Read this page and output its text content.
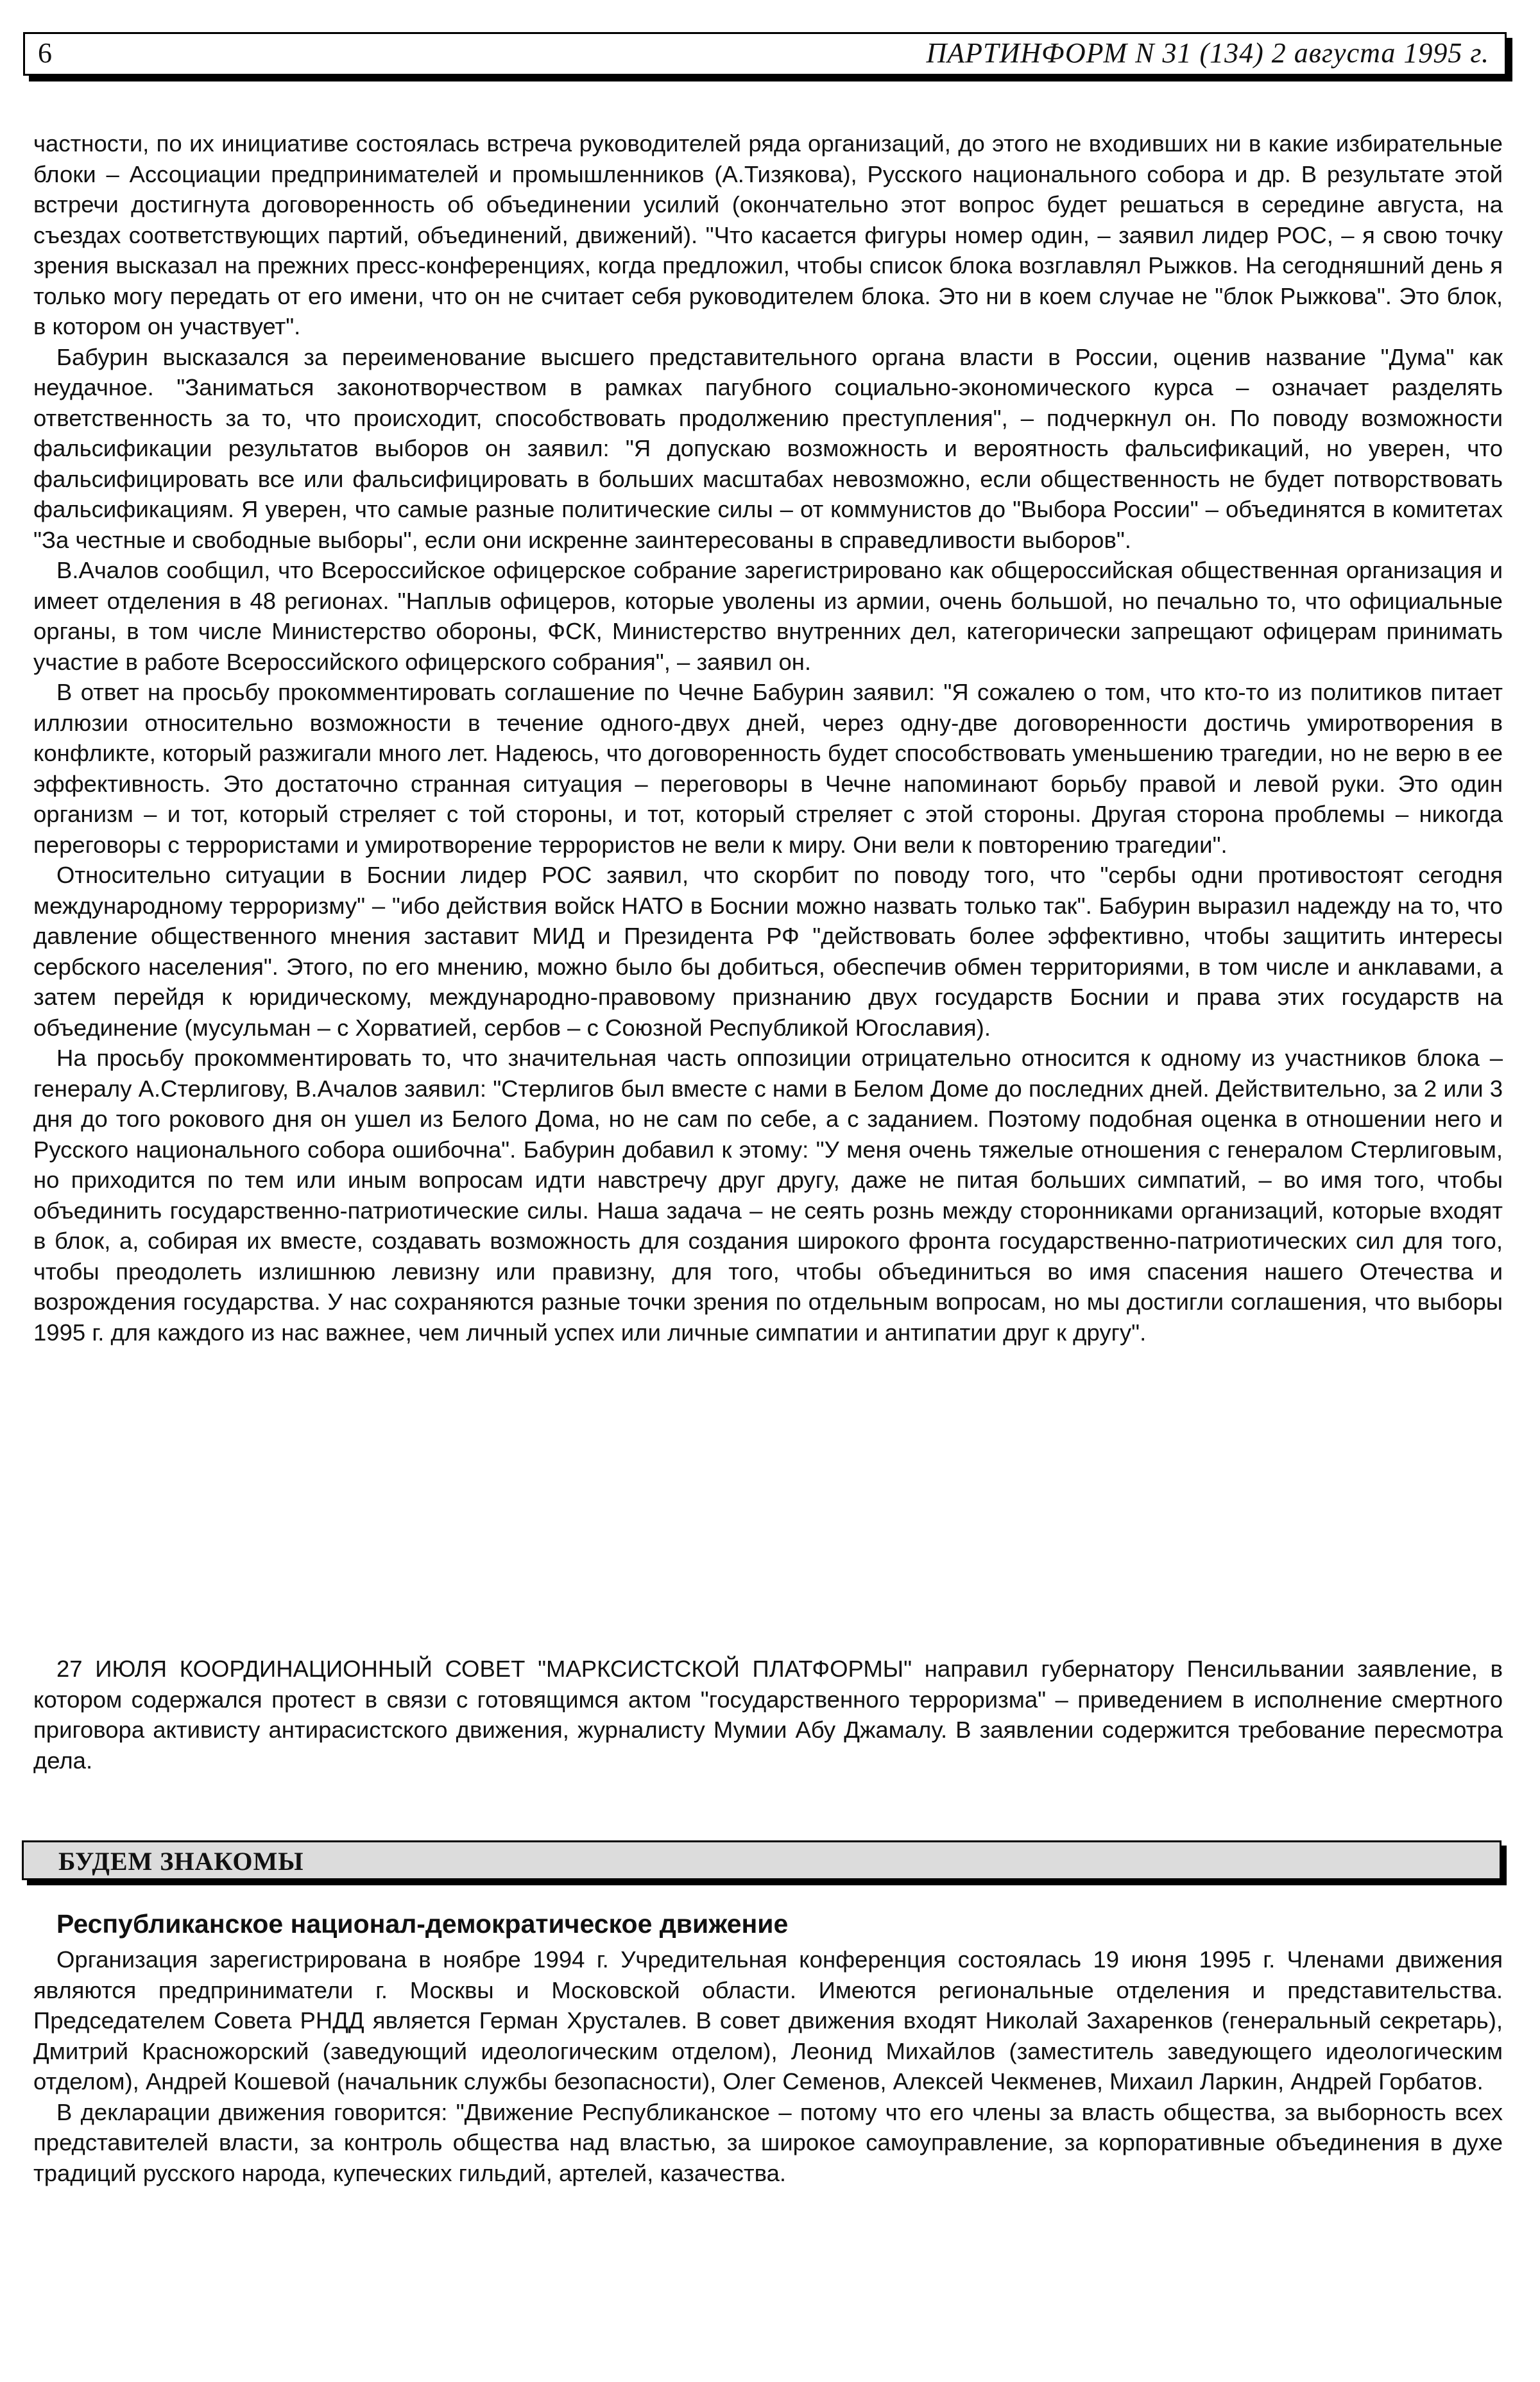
6	ПАРТИНФОРМ N 31 (134) 2 августа 1995 г.

частности, по их инициативе состоялась встреча руководителей ряда организаций, до этого не входивших ни в какие избирательные блоки – Ассоциации предпринимателей и промышленников (А.Тизякова), Русского национального собора и др. В результате этой встречи достигнута договоренность об объединении усилий (окончательно этот вопрос будет решаться в середине августа, на съездах соответствующих партий, объединений, движений). "Что касается фигуры номер один, – заявил лидер РОС, – я свою точку зрения высказал на прежних пресс-конференциях, когда предложил, чтобы список блока возглавлял Рыжков. На сегодняшний день я только могу передать от его имени, что он не считает себя руководителем блока. Это ни в коем случае не "блок Рыжкова". Это блок, в котором он участвует".

Бабурин высказался за переименование высшего представительного органа власти в России, оценив название "Дума" как неудачное. "Заниматься законотворчеством в рамках пагубного социально-экономического курса – означает разделять ответственность за то, что происходит, способствовать продолжению преступления", – подчеркнул он. По поводу возможности фальсификации результатов выборов он заявил: "Я допускаю возможность и вероятность фальсификаций, но уверен, что фальсифицировать все или фальсифицировать в больших масштабах невозможно, если общественность не будет потворствовать фальсификациям. Я уверен, что самые разные политические силы – от коммунистов до "Выбора России" – объединятся в комитетах "За честные и свободные выборы", если они искренне заинтересованы в справедливости выборов".

В.Ачалов сообщил, что Всероссийское офицерское собрание зарегистрировано как общероссийская общественная организация и имеет отделения в 48 регионах. "Наплыв офицеров, которые уволены из армии, очень большой, но печально то, что официальные органы, в том числе Министерство обороны, ФСК, Министерство внутренних дел, категорически запрещают офицерам принимать участие в работе Всероссийского офицерского собрания", – заявил он.

В ответ на просьбу прокомментировать соглашение по Чечне Бабурин заявил: "Я сожалею о том, что кто-то из политиков питает иллюзии относительно возможности в течение одного-двух дней, через одну-две договоренности достичь умиротворения в конфликте, который разжигали много лет. Надеюсь, что договоренность будет способствовать уменьшению трагедии, но не верю в ее эффективность. Это достаточно странная ситуация – переговоры в Чечне напоминают борьбу правой и левой руки. Это один организм – и тот, который стреляет с той стороны, и тот, который стреляет с этой стороны. Другая сторона проблемы – никогда переговоры с террористами и умиротворение террористов не вели к миру. Они вели к повторению трагедии".

Относительно ситуации в Боснии лидер РОС заявил, что скорбит по поводу того, что "сербы одни противостоят сегодня международному терроризму" – "ибо действия войск НАТО в Боснии можно назвать только так". Бабурин выразил надежду на то, что давление общественного мнения заставит МИД и Президента РФ "действовать более эффективно, чтобы защитить интересы сербского населения". Этого, по его мнению, можно было бы добиться, обеспечив обмен территориями, в том числе и анклавами, а затем перейдя к юридическому, международно-правовому признанию двух государств Боснии и права этих государств на объединение (мусульман – с Хорватией, сербов – с Союзной Республикой Югославия).

На просьбу прокомментировать то, что значительная часть оппозиции отрицательно относится к одному из участников блока – генералу А.Стерлигову, В.Ачалов заявил: "Стерлигов был вместе с нами в Белом Доме до последних дней. Действительно, за 2 или 3 дня до того рокового дня он ушел из Белого Дома, но не сам по себе, а с заданием. Поэтому подобная оценка в отношении него и Русского национального собора ошибочна". Бабурин добавил к этому: "У меня очень тяжелые отношения с генералом Стерлиговым, но приходится по тем или иным вопросам идти навстречу друг другу, даже не питая больших симпатий, – во имя того, чтобы объединить государственно-патриотические силы. Наша задача – не сеять рознь между сторонниками организаций, которые входят в блок, а, собирая их вместе, создавать возможность для создания широкого фронта государственно-патриотических сил для того, чтобы преодолеть излишнюю левизну или правизну, для того, чтобы объединиться во имя спасения нашего Отечества и возрождения государства. У нас сохраняются разные точки зрения по отдельным вопросам, но мы достигли соглашения, что выборы 1995 г. для каждого из нас важнее, чем личный успех или личные симпатии и антипатии друг к другу".

27 ИЮЛЯ КООРДИНАЦИОННЫЙ СОВЕТ "МАРКСИСТСКОЙ ПЛАТФОРМЫ" направил губернатору Пенсильвании заявление, в котором содержался протест в связи с готовящимся актом "государственного терроризма" – приведением в исполнение смертного приговора активисту антирасистского движения, журналисту Мумии Абу Джамалу. В заявлении содержится требование пересмотра дела.

БУДЕМ ЗНАКОМЫ
Республиканское национал-демократическое движение

Организация зарегистрирована в ноябре 1994 г. Учредительная конференция состоялась 19 июня 1995 г. Членами движения являются предприниматели г. Москвы и Московской области. Имеются региональные отделения и представительства. Председателем Совета РНДД является Герман Хрусталев. В совет движения входят Николай Захаренков (генеральный секретарь), Дмитрий Красножорский (заведующий идеологическим отделом), Леонид Михайлов (заместитель заведующего идеологическим отделом), Андрей Кошевой (начальник службы безопасности), Олег Семенов, Алексей Чекменев, Михаил Ларкин, Андрей Горбатов.

В декларации движения говорится: "Движение Республиканское – потому что его члены за власть общества, за выборность всех представителей власти, за контроль общества над властью, за широкое самоуправление, за корпоративные объединения в духе традиций русского народа, купеческих гильдий, артелей, казачества.
